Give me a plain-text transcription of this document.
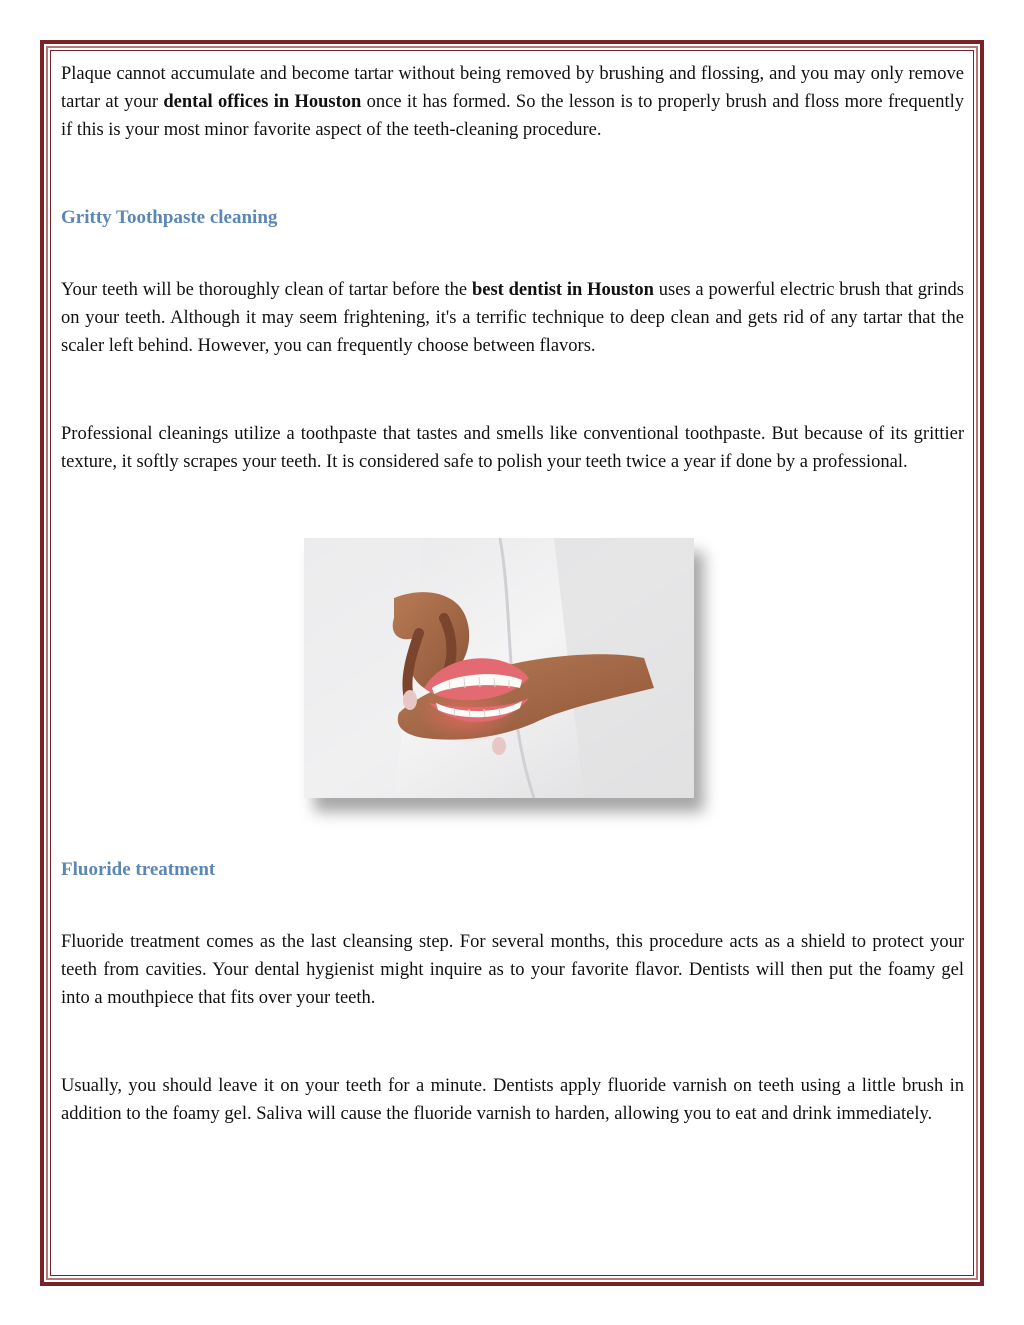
Plaque cannot accumulate and become tartar without being removed by brushing and flossing, and you may only remove tartar at your dental offices in Houston once it has formed. So the lesson is to properly brush and floss more frequently if this is your most minor favorite aspect of the teeth-cleaning procedure.

Gritty Toothpaste cleaning

Your teeth will be thoroughly clean of tartar before the best dentist in Houston uses a powerful electric brush that grinds on your teeth. Although it may seem frightening, it's a terrific technique to deep clean and gets rid of any tartar that the scaler left behind. However, you can frequently choose between flavors.

Professional cleanings utilize a toothpaste that tastes and smells like conventional toothpaste. But because of its grittier texture, it softly scrapes your teeth. It is considered safe to polish your teeth twice a year if done by a professional.

Fluoride treatment

Fluoride treatment comes as the last cleansing step. For several months, this procedure acts as a shield to protect your teeth from cavities. Your dental hygienist might inquire as to your favorite flavor. Dentists will then put the foamy gel into a mouthpiece that fits over your teeth.

Usually, you should leave it on your teeth for a minute. Dentists apply fluoride varnish on teeth using a little brush in addition to the foamy gel. Saliva will cause the fluoride varnish to harden, allowing you to eat and drink immediately.
